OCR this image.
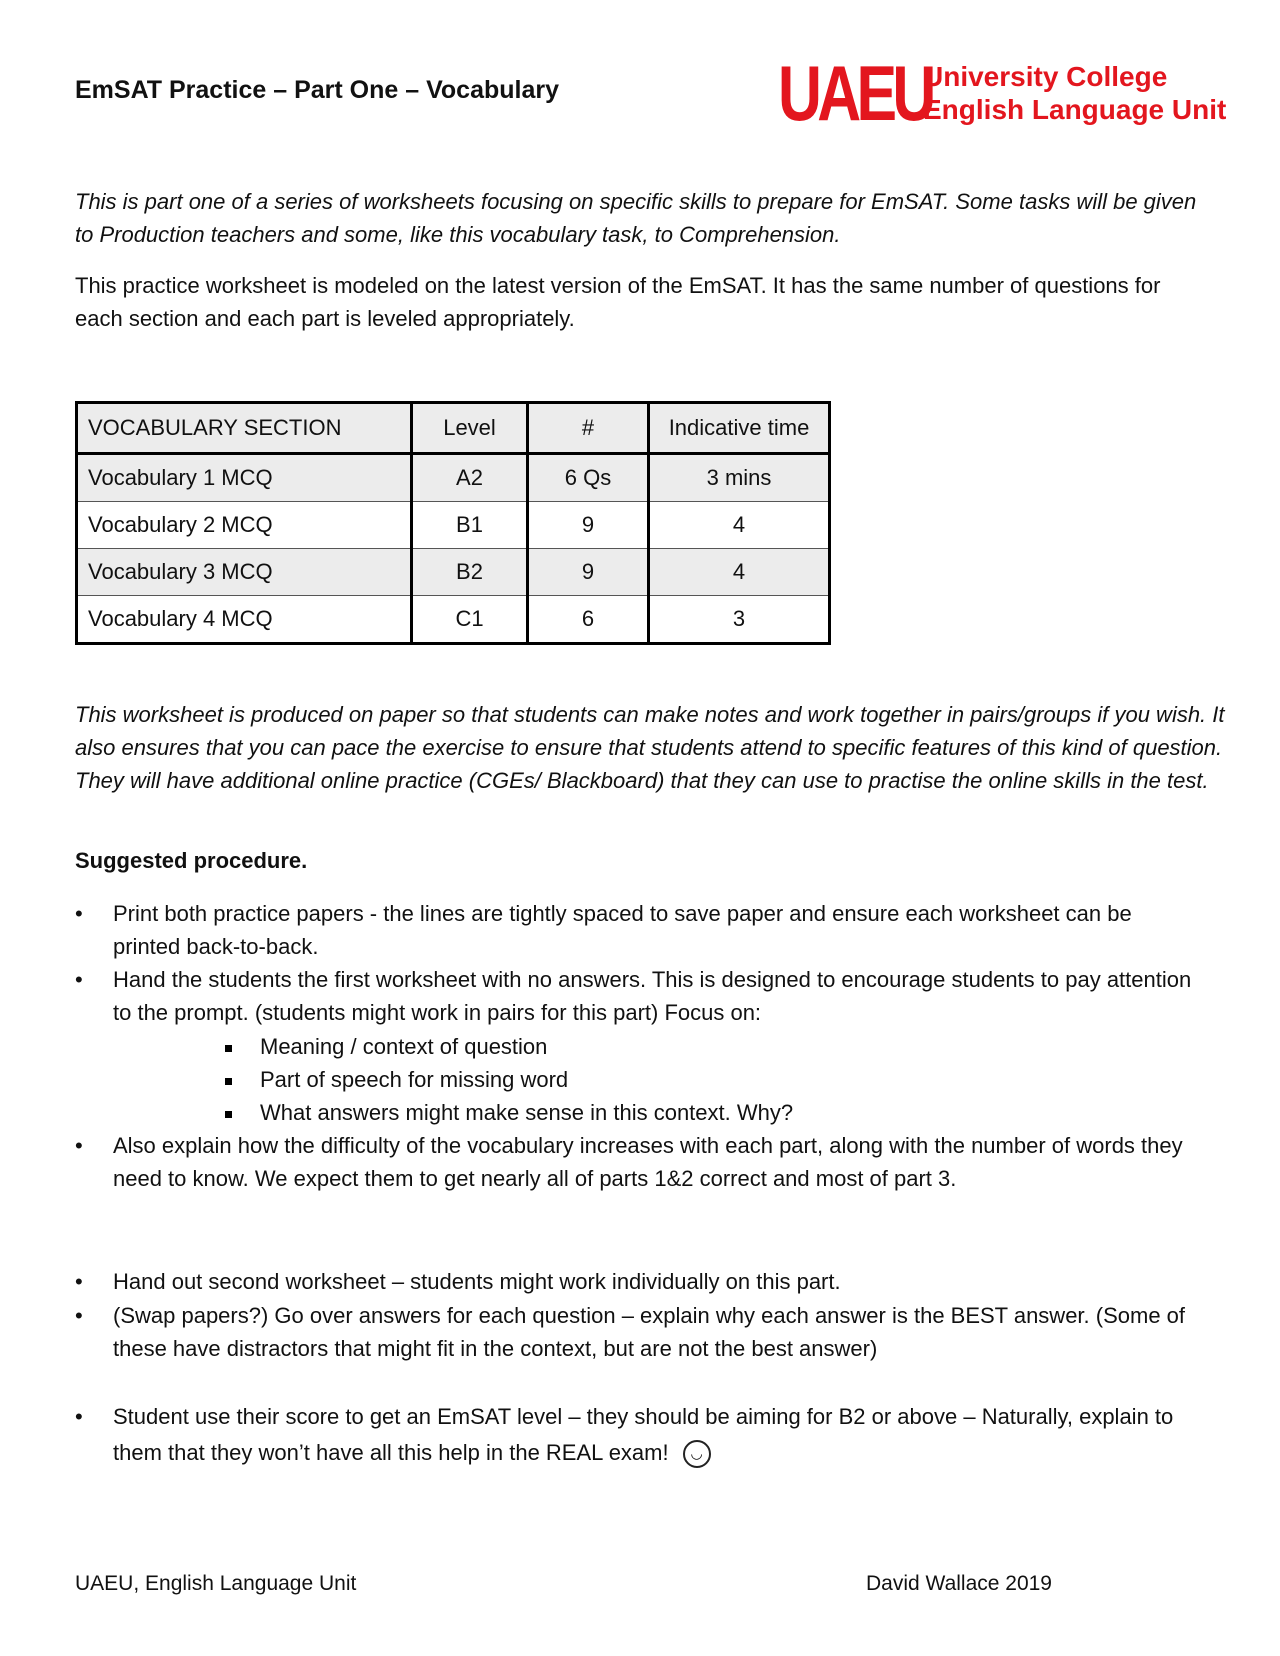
EmSAT Practice – Part One – Vocabulary	UAEU
University College
English Language Unit

This is part one of a series of worksheets focusing on specific skills to prepare for EmSAT. Some tasks will be given to Production teachers and some, like this vocabulary task, to Comprehension.

This practice worksheet is modeled on the latest version of the EmSAT. It has the same number of questions for each section and each part is leveled appropriately.

VOCABULARY SECTION	Level	#	Indicative time
Vocabulary 1 MCQ	A2	6 Qs	3 mins
Vocabulary 2 MCQ	B1	9	4
Vocabulary 3 MCQ	B2	9	4
Vocabulary 4 MCQ	C1	6	3

This worksheet is produced on paper so that students can make notes and work together in pairs/groups if you wish. It also ensures that you can pace the exercise to ensure that students attend to specific features of this kind of question. They will have additional online practice (CGEs/ Blackboard) that they can use to practise the online skills in the test.

Suggested procedure.
• Print both practice papers - the lines are tightly spaced to save paper and ensure each worksheet can be printed back-to-back.
• Hand the students the first worksheet with no answers. This is designed to encourage students to pay attention to the prompt. (students might work in pairs for this part) Focus on:
Meaning / context of question
Part of speech for missing word
What answers might make sense in this context. Why?
• Also explain how the difficulty of the vocabulary increases with each part, along with the number of words they need to know. We expect them to get nearly all of parts 1&2 correct and most of part 3.
• Hand out second worksheet – students might work individually on this part.
• (Swap papers?) Go over answers for each question – explain why each answer is the BEST answer. (Some of these have distractors that might fit in the context, but are not the best answer)
• Student use their score to get an EmSAT level – they should be aiming for B2 or above – Naturally, explain to them that they won’t have all this help in the REAL exam! ◡
UAEU, English Language Unit	David Wallace 2019
